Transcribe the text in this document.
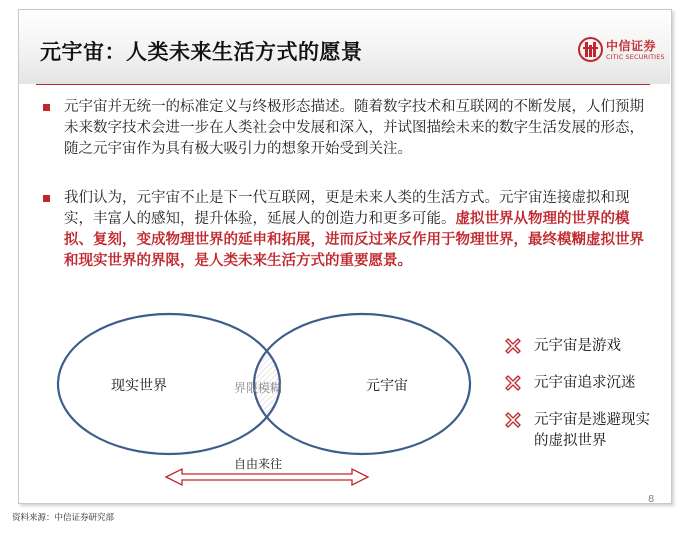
元宇宙：人类未来生活方式的愿景	中信证券
CITIC SECURITIES
元宇宙并无统一的标准定义与终极形态描述。随着数字技术和互联网的不断发展，人们预期未来数字技术会进一步在人类社会中发展和深入，并试图描绘未来的数字生活发展的形态，随之元宇宙作为具有极大吸引力的想象开始受到关注。
我们认为，元宇宙不止是下一代互联网，更是未来人类的生活方式。元宇宙连接虚拟和现实，丰富人的感知，提升体验，延展人的创造力和更多可能。虚拟世界从物理的世界的模拟、复刻，变成物理世界的延申和拓展，进而反过来反作用于物理世界，最终模糊虚拟世界和现实世界的界限，是人类未来生活方式的重要愿景。
现实世界	元宇宙
界限模糊
自由来往
元宇宙是游戏
元宇宙追求沉迷
元宇宙是逃避现实的虚拟世界
8
资料来源：中信证券研究部
